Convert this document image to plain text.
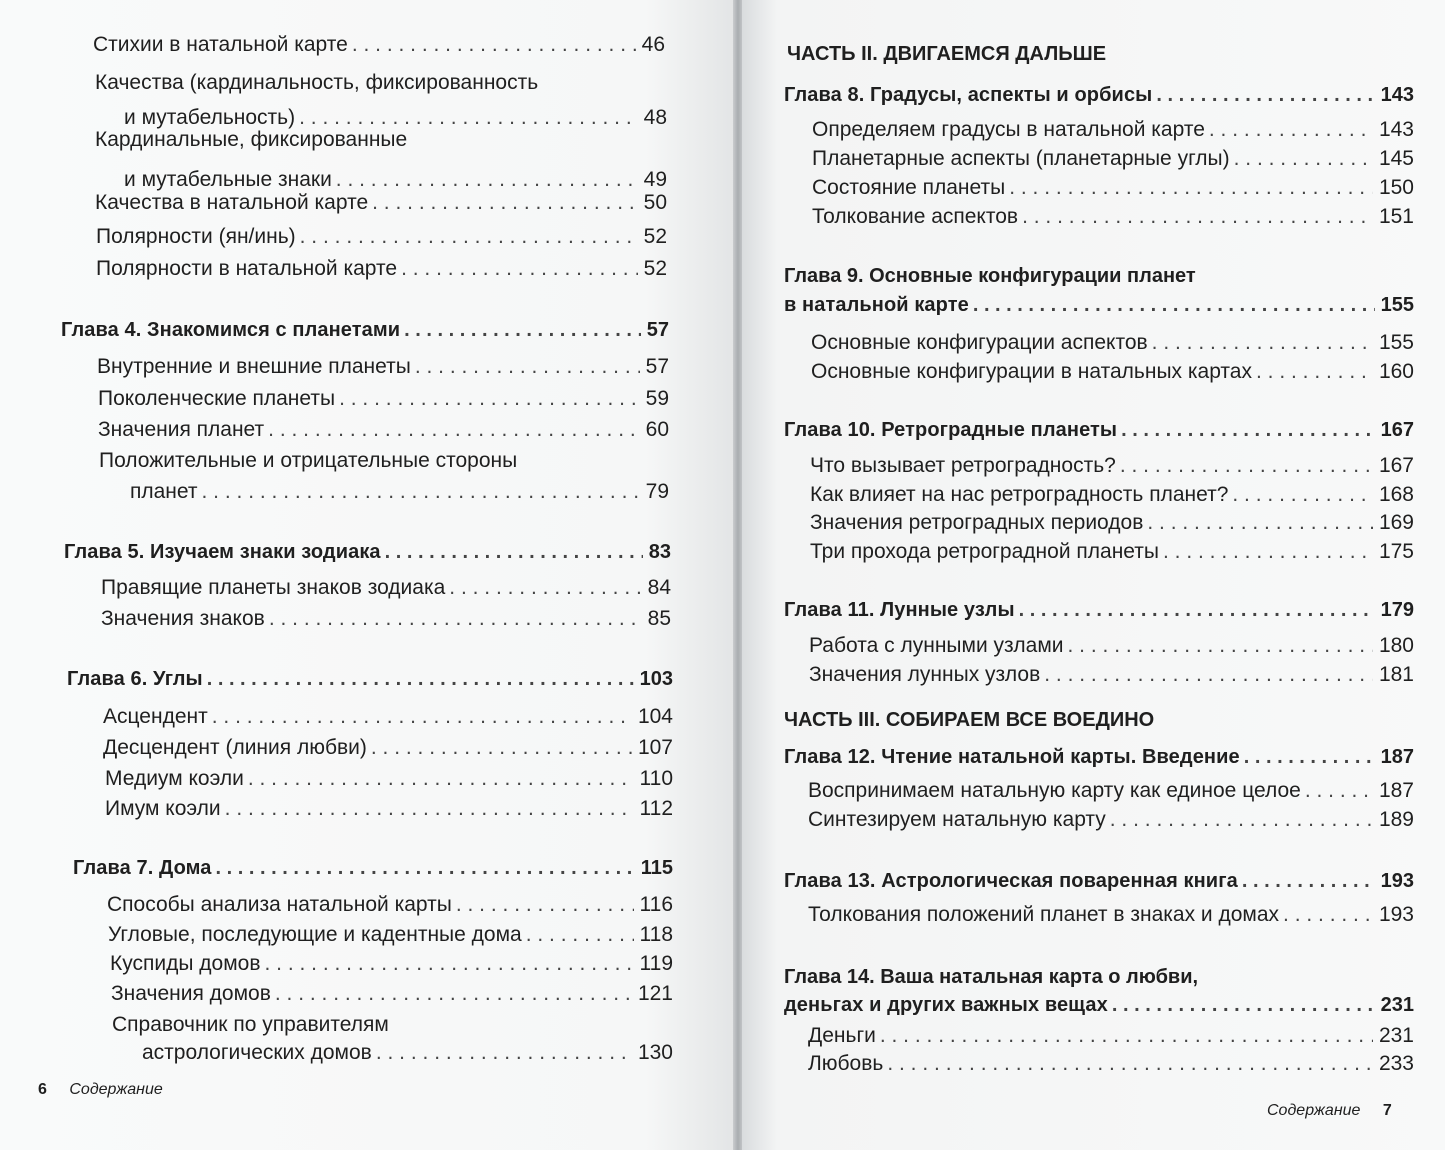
Стихии в натальной карте . . .	46
Качества (кардинальность, фиксированность
и мутабельность) . . .	48
Кардинальные, фиксированные
и мутабельные знаки . . .	49
Качества в натальной карте . . .	50
Полярности (ян/инь) . . .	52
Полярности в натальной карте . . .	52
Глава 4. Знакомимся с планетами . . .	57
Внутренние и внешние планеты . . .	57
Поколенческие планеты . . .	59
Значения планет . . .	60
Положительные и отрицательные стороны
планет . . .	79
Глава 5. Изучаем знаки зодиака . . .	83
Правящие планеты знаков зодиака . . .	84
Значения знаков . . .	85
Глава 6. Углы . . .	103
Асцендент . . .	104
Десцендент (линия любви) . . .	107
Медиум коэли . . .	110
Имум коэли . . .	112
Глава 7. Дома . . .	115
Способы анализа натальной карты . . .	116
Угловые, последующие и кадентные дома . . .	118
Куспиды домов . . .	119
Значения домов . . .	121
Справочник по управителям
астрологических домов . . .	130
6 Содержание
ЧАСТЬ II. ДВИГАЕМСЯ ДАЛЬШЕ
Глава 8. Градусы, аспекты и орбисы . . .	143
Определяем градусы в натальной карте . . .	143
Планетарные аспекты (планетарные углы) . . .	145
Состояние планеты . . .	150
Толкование аспектов . . .	151
Глава 9. Основные конфигурации планет
в натальной карте . . .	155
Основные конфигурации аспектов . . .	155
Основные конфигурации в натальных картах . . .	160
Глава 10. Ретроградные планеты . . .	167
Что вызывает ретроградность? . . .	167
Как влияет на нас ретроградность планет? . . .	168
Значения ретроградных периодов . . .	169
Три прохода ретроградной планеты . . .	175
Глава 11. Лунные узлы . . .	179
Работа с лунными узлами . . .	180
Значения лунных узлов . . .	181
ЧАСТЬ III. СОБИРАЕМ ВСЕ ВОЕДИНО
Глава 12. Чтение натальной карты. Введение . . .	187
Воспринимаем натальную карту как единое целое . . .	187
Синтезируем натальную карту . . .	189
Глава 13. Астрологическая поваренная книга . . .	193
Толкования положений планет в знаках и домах . . .	193
Глава 14. Ваша натальная карта о любви,
деньгах и других важных вещах . . .	231
Деньги . . .	231
Любовь . . .	233
Содержание 7
